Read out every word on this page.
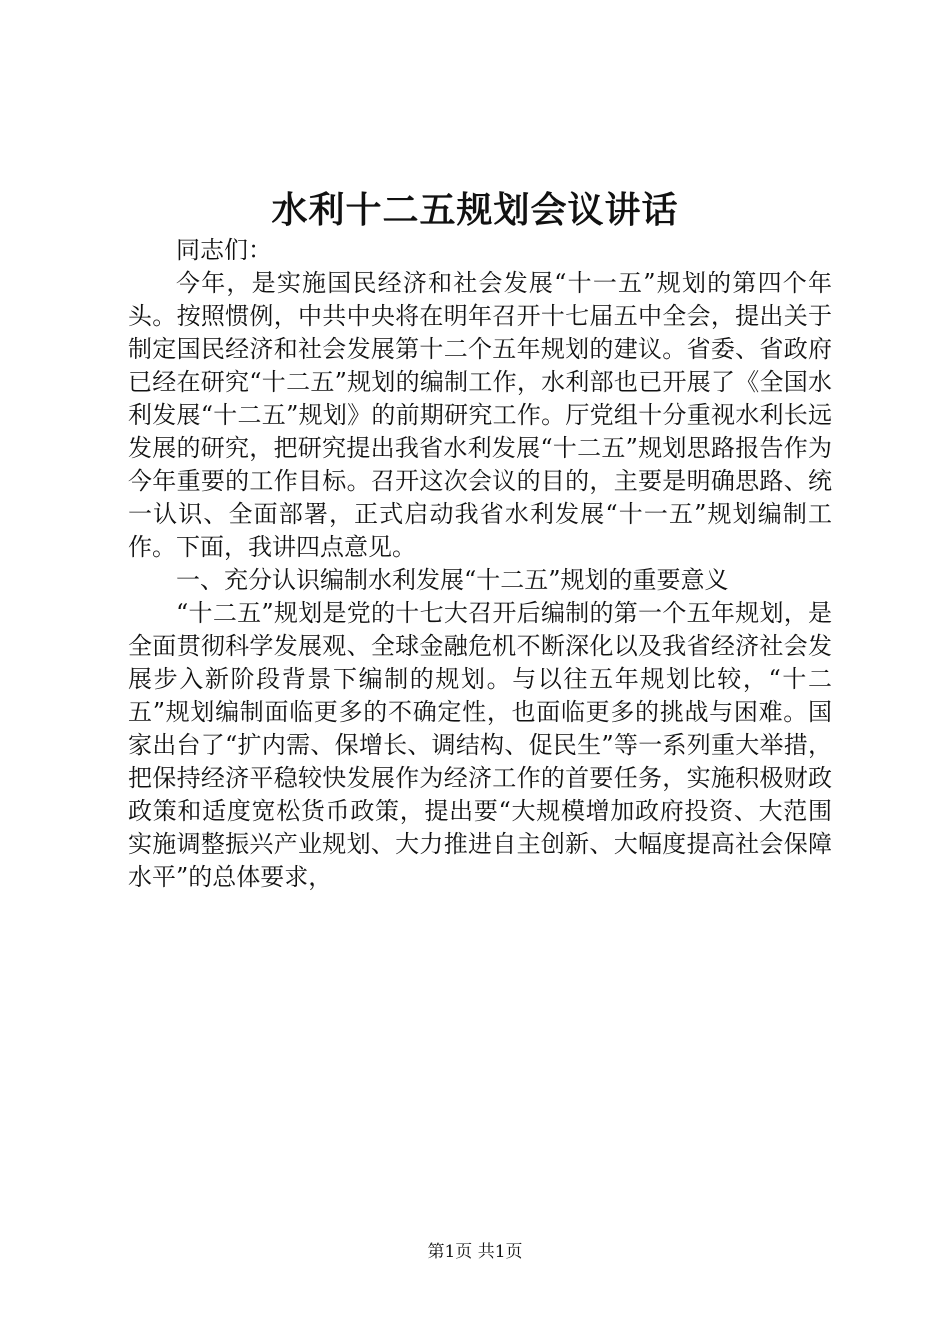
水利十二五规划会议讲话

同志们：

今年，是实施国民经济和社会发展“十一五”规划的第四个年头。按照惯例，中共中央将在明年召开十七届五中全会，提出关于制定国民经济和社会发展第十二个五年规划的建议。省委、省政府已经在研究“十二五”规划的编制工作，水利部也已开展了《全国水利发展“十二五”规划》的前期研究工作。厅党组十分重视水利长远发展的研究，把研究提出我省水利发展“十二五”规划思路报告作为今年重要的工作目标。召开这次会议的目的，主要是明确思路、统一认识、全面部署，正式启动我省水利发展“十一五”规划编制工作。下面，我讲四点意见。

一、充分认识编制水利发展“十二五”规划的重要意义

“十二五”规划是党的十七大召开后编制的第一个五年规划，是全面贯彻科学发展观、全球金融危机不断深化以及我省经济社会发展步入新阶段背景下编制的规划。与以往五年规划比较，“十二五”规划编制面临更多的不确定性，也面临更多的挑战与困难。国家出台了“扩内需、保增长、调结构、促民生”等一系列重大举措，把保持经济平稳较快发展作为经济工作的首要任务，实施积极财政政策和适度宽松货币政策，提出要“大规模增加政府投资、大范围实施调整振兴产业规划、大力推进自主创新、大幅度提高社会保障水平”的总体要求，

第1页 共1页
